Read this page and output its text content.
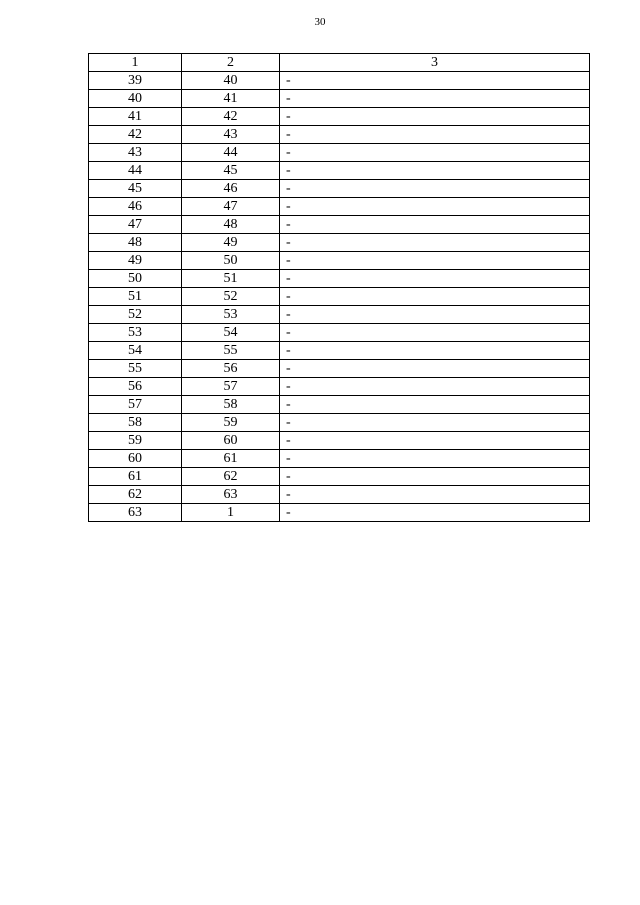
30
1	2	3
39	40	-
40	41	-
41	42	-
42	43	-
43	44	-
44	45	-
45	46	-
46	47	-
47	48	-
48	49	-
49	50	-
50	51	-
51	52	-
52	53	-
53	54	-
54	55	-
55	56	-
56	57	-
57	58	-
58	59	-
59	60	-
60	61	-
61	62	-
62	63	-
63	1	-
